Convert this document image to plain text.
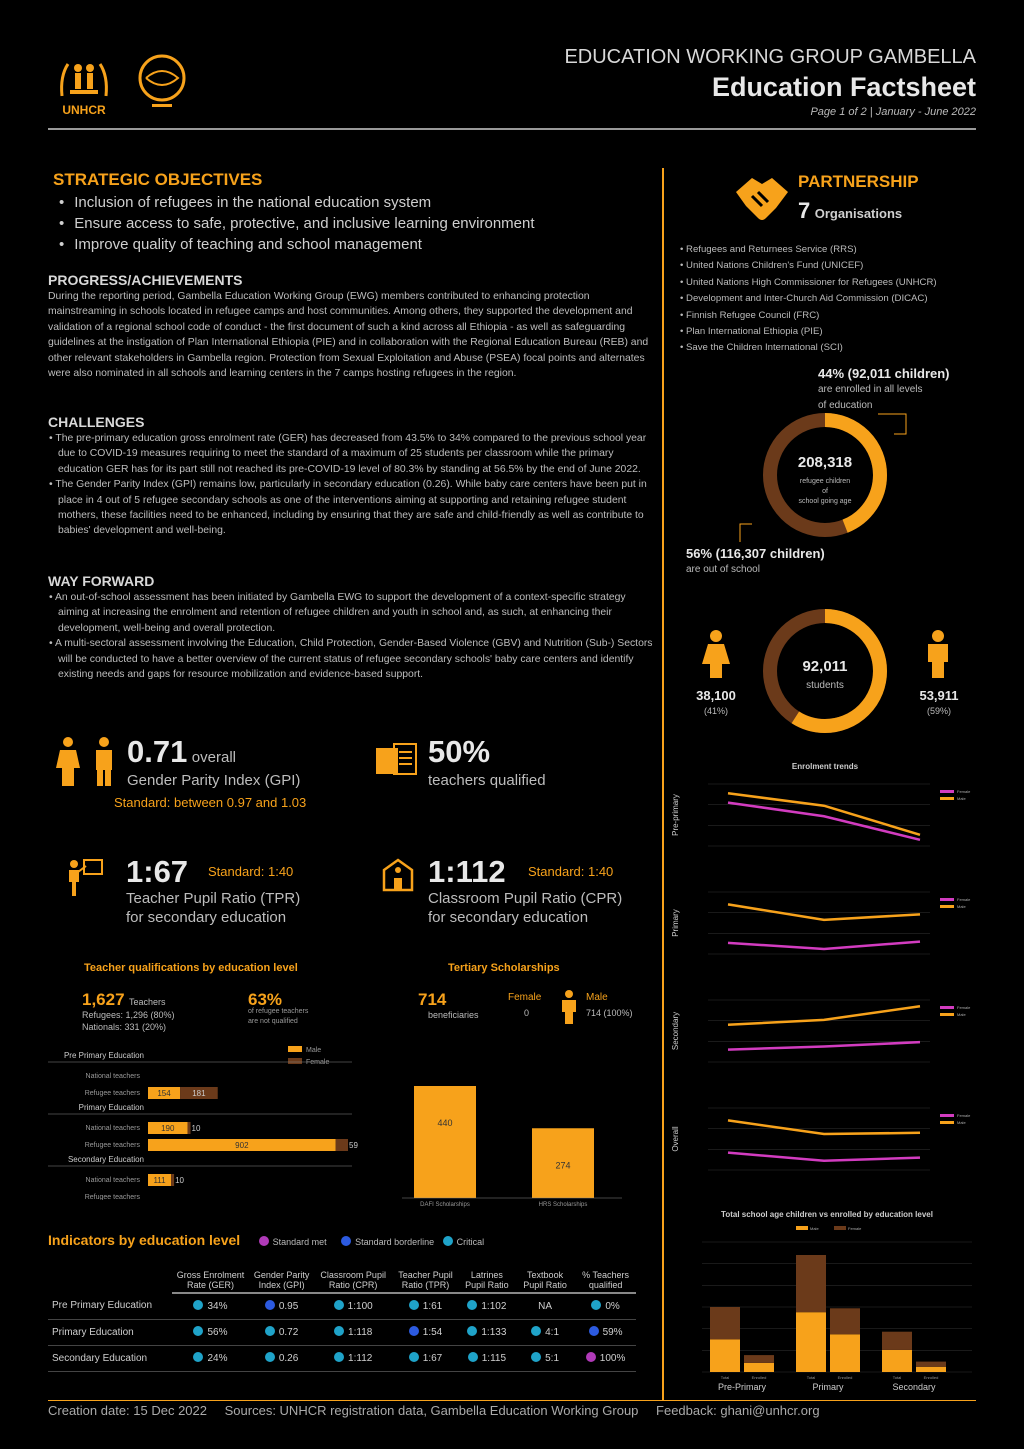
UNHCR
EDUCATION WORKING GROUP GAMBELLA
Education Factsheet
Page 1 of 2 | January - June 2022
STRATEGIC OBJECTIVES
• Inclusion of refugees in the national education system
• Ensure access to safe, protective, and inclusive learning environment
• Improve quality of teaching and school management
PROGRESS/ACHIEVEMENTS

During the reporting period, Gambella Education Working Group (EWG) members contributed to enhancing protection mainstreaming in schools located in refugee camps and host communities. Among others, they supported the development and validation of a regional school code of conduct - the first document of such a kind across all Ethiopia - as well as safeguarding guidelines at the instigation of Plan International Ethiopia (PIE) and in collaboration with the Regional Education Bureau (REB) and other relevant stakeholders in Gambella region. Protection from Sexual Exploitation and Abuse (PSEA) focal points and alternates were also nominated in all schools and learning centers in the 7 camps hosting refugees in the region.

CHALLENGES
• The pre-primary education gross enrolment rate (GER) has decreased from 43.5% to 34% compared to the previous school year due to COVID-19 measures requiring to meet the standard of a maximum of 25 students per classroom while the primary education GER has for its part still not reached its pre-COVID-19 level of 80.3% by standing at 56.5% by the end of June 2022.
• The Gender Parity Index (GPI) remains low, particularly in secondary education (0.26). While baby care centers have been put in place in 4 out of 5 refugee secondary schools as one of the interventions aiming at supporting and retaining refugee student mothers, these facilities need to be enhanced, including by ensuring that they are safe and child-friendly as well as contribute to babies' development and well-being.
WAY FORWARD
• An out-of-school assessment has been initiated by Gambella EWG to support the development of a context-specific strategy aiming at increasing the enrolment and retention of refugee children and youth in school and, as such, at enhancing their development, well-being and overall protection.
• A multi-sectoral assessment involving the Education, Child Protection, Gender-Based Violence (GBV) and Nutrition (Sub-) Sectors will be conducted to have a better overview of the current status of refugee secondary schools' baby care centers and identify existing needs and gaps for resource mobilization and evidence-based support.
0.71 overall
Gender Parity Index (GPI)
Standard: between 0.97 and 1.03
50%
teachers qualified
1:67 Standard: 1:40
Teacher Pupil Ratio (TPR)
for secondary education
1:112 Standard: 1:40
Classroom Pupil Ratio (CPR)
for secondary education
Teacher qualifications by education level
1,627 Teachers
Refugees: 1,296 (80%)
Nationals: 331 (20%)
63%
of refugee teachers
are not qualified
Male
Female
Pre Primary Education
National teachers
Refugee teachers 154	181
Primary Education
National teachers	190 10
Refugee teachers	902	59
Secondary Education
National teachers 111 10
Refugee teachers
Tertiary Scholarships
714
beneficiaries
Female
0
Male
714 (100%)
440
DAFI Scholarships
274
HRS Scholarships
Indicators by education level	Standard met	Standard borderline Critical
	Gross Enrolment Rate (GER)	Gender Parity Index (GPI)	Classroom Pupil Ratio (CPR)	Teacher Pupil Ratio (TPR)	Latrines Pupil Ratio	Textbook Pupil Ratio	% Teachers qualified
Pre Primary Education	34%	0.95	1:100	1:61	1:102	NA	0%
Primary Education	56%	0.72	1:118	1:54	1:133	4:1	59%
Secondary Education	24%	0.26	1:112	1:67	1:115	5:1	100%
PARTNERSHIP
7 Organisations
• Refugees and Returnees Service (RRS)
• United Nations Children's Fund (UNICEF)
• United Nations High Commissioner for Refugees (UNHCR)
• Development and Inter-Church Aid Commission (DICAC)
• Finnish Refugee Council (FRC)
• Plan International Ethiopia (PIE)
• Save the Children International (SCI)
44% (92,011 children)
are enrolled in all levels
of education
208,318
refugee children
of
school going age
56% (116,307 children)
are out of school
38,100
(41%)
92,011
students
53,911
(59%)
Enrolment trends
Pre-primary
Female
Male
Primary
Female
Male
Secondary
Female
Male
Overall
Female
Male
Total school age children vs enrolled by education level
Male	Female
Total	Enrolled
Pre-Primary
Total	Enrolled
Primary
Total	Enrolled
Secondary
Creation date: 15 Dec 2022 Sources: UNHCR registration data, Gambella Education Working Group Feedback: ghani@unhcr.org
